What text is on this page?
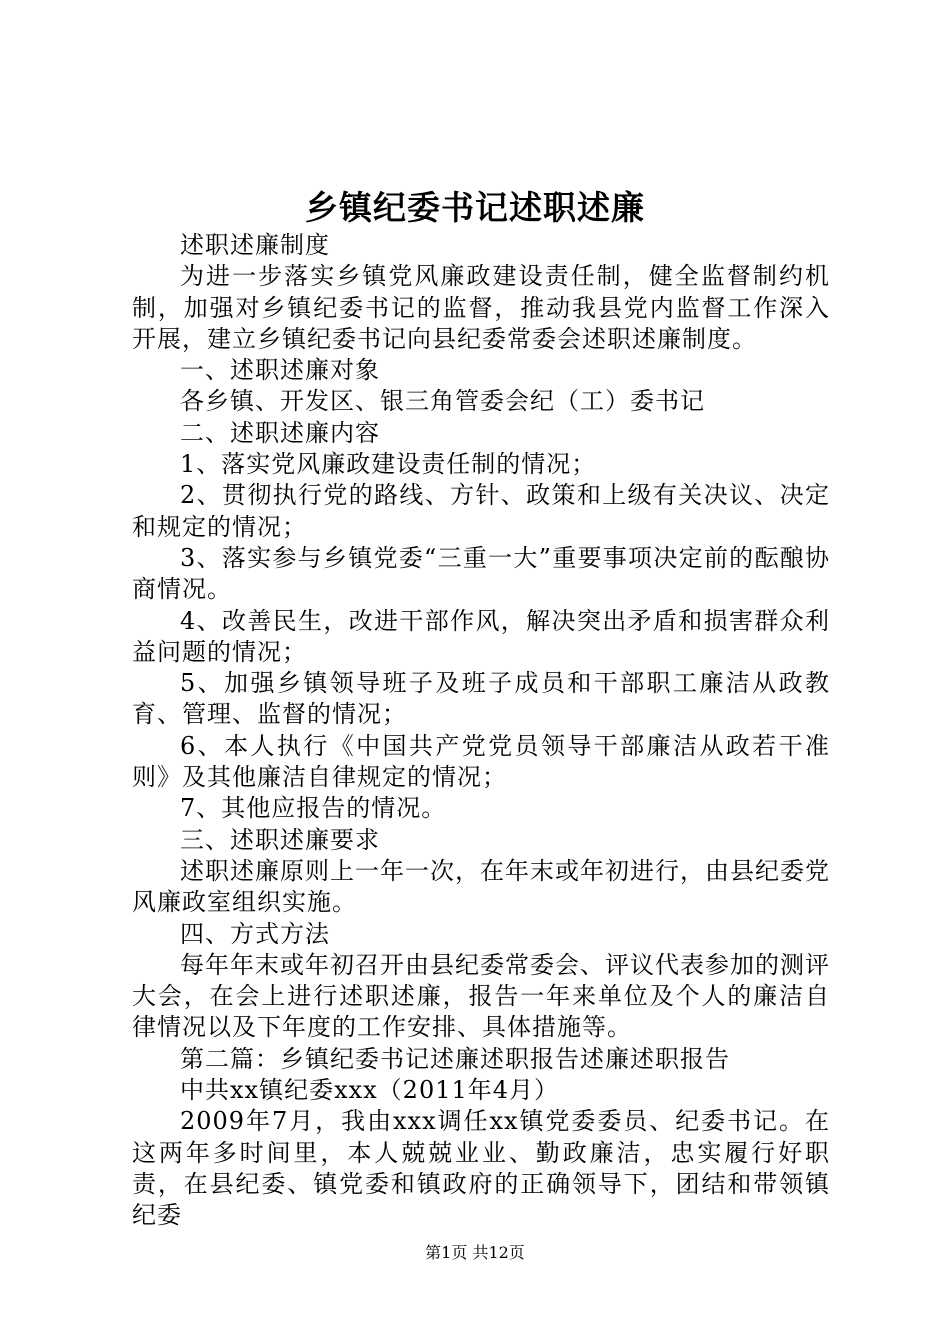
乡镇纪委书记述职述廉

述职述廉制度

为进一步落实乡镇党风廉政建设责任制，健全监督制约机制，加强对乡镇纪委书记的监督，推动我县党内监督工作深入开展，建立乡镇纪委书记向县纪委常委会述职述廉制度。

一、述职述廉对象

各乡镇、开发区、银三角管委会纪（工）委书记

二、述职述廉内容

1、落实党风廉政建设责任制的情况；

2、贯彻执行党的路线、方针、政策和上级有关决议、决定和规定的情况；

3、落实参与乡镇党委“三重一大”重要事项决定前的酝酿协商情况。

4、改善民生，改进干部作风，解决突出矛盾和损害群众利益问题的情况；

5、加强乡镇领导班子及班子成员和干部职工廉洁从政教育、管理、监督的情况；

6、本人执行《中国共产党党员领导干部廉洁从政若干准则》及其他廉洁自律规定的情况；

7、其他应报告的情况。

三、述职述廉要求

述职述廉原则上一年一次，在年末或年初进行，由县纪委党风廉政室组织实施。

四、方式方法

每年年末或年初召开由县纪委常委会、评议代表参加的测评大会，在会上进行述职述廉，报告一年来单位及个人的廉洁自律情况以及下年度的工作安排、具体措施等。

第二篇：乡镇纪委书记述廉述职报告述廉述职报告

中共xx镇纪委xxx（2011年4月）

2009年7月，我由xxx调任xx镇党委委员、纪委书记。在这两年多时间里，本人兢兢业业、勤政廉洁，忠实履行好职责，在县纪委、镇党委和镇政府的正确领导下，团结和带领镇纪委

第1页 共12页
